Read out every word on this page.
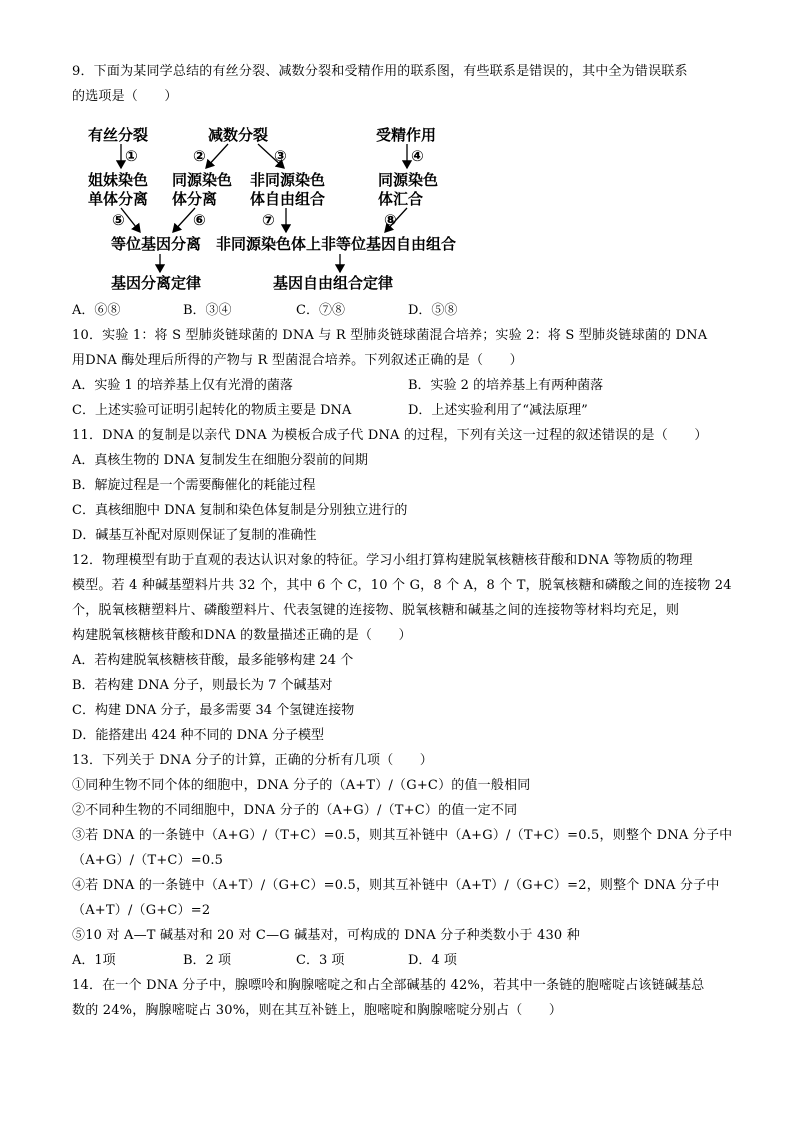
9．下面为某同学总结的有丝分裂、减数分裂和受精作用的联系图，有些联系是错误的，其中全为错误联系
的选项是（　　）
有丝分裂	减数分裂	受精作用
①	②	③	④
姐妹染色
单体分离
同源染色
体分离
非同源染色
体自由组合
同源染色
体汇合
⑤	⑥	⑦	⑧
等位基因分离 非同源染色体上非等位基因自由组合
基因分离定律	基因自由组合定律
A．⑥⑧	B．③④	C．⑦⑧	D．⑤⑧
10．实验 1：将 S 型肺炎链球菌的 DNA 与 R 型肺炎链球菌混合培养；实验 2：将 S 型肺炎链球菌的 DNA
用DNA 酶处理后所得的产物与 R 型菌混合培养。下列叙述正确的是（　　）
A．实验 1 的培养基上仅有光滑的菌落	B．实验 2 的培养基上有两种菌落
C．上述实验可证明引起转化的物质主要是 DNA	D．上述实验利用了“减法原理”
11．DNA 的复制是以亲代 DNA 为模板合成子代 DNA 的过程，下列有关这一过程的叙述错误的是（　　）
A．真核生物的 DNA 复制发生在细胞分裂前的间期
B．解旋过程是一个需要酶催化的耗能过程
C．真核细胞中 DNA 复制和染色体复制是分别独立进行的
D．碱基互补配对原则保证了复制的准确性
12．物理模型有助于直观的表达认识对象的特征。学习小组打算构建脱氧核糖核苷酸和DNA 等物质的物理
模型。若 4 种碱基塑料片共 32 个，其中 6 个 C，10 个 G，8 个 A，8 个 T，脱氧核糖和磷酸之间的连接物 24
个，脱氧核糖塑料片、磷酸塑料片、代表氢键的连接物、脱氧核糖和碱基之间的连接物等材料均充足，则
构建脱氧核糖核苷酸和DNA 的数量描述正确的是（　　）
A．若构建脱氧核糖核苷酸，最多能够构建 24 个
B．若构建 DNA 分子，则最长为 7 个碱基对
C．构建 DNA 分子，最多需要 34 个氢键连接物
D．能搭建出 424 种不同的 DNA 分子模型
13．下列关于 DNA 分子的计算，正确的分析有几项（　　）
①同种生物不同个体的细胞中，DNA 分子的（A+T）/（G+C）的值一般相同
②不同种生物的不同细胞中，DNA 分子的（A+G）/（T+C）的值一定不同
③若 DNA 的一条链中（A+G）/（T+C）=0.5，则其互补链中（A+G）/（T+C）=0.5，则整个 DNA 分子中
（A+G）/（T+C）=0.5
④若 DNA 的一条链中（A+T）/（G+C）=0.5，则其互补链中（A+T）/（G+C）=2，则整个 DNA 分子中
（A+T）/（G+C）=2
⑤10 对 A—T 碱基对和 20 对 C—G 碱基对，可构成的 DNA 分子种类数小于 430 种
A．1项	B．2 项	C．3 项	D．4 项
14．在一个 DNA 分子中，腺嘌呤和胸腺嘧啶之和占全部碱基的 42%，若其中一条链的胞嘧啶占该链碱基总
数的 24%，胸腺嘧啶占 30%，则在其互补链上，胞嘧啶和胸腺嘧啶分别占（　　）
